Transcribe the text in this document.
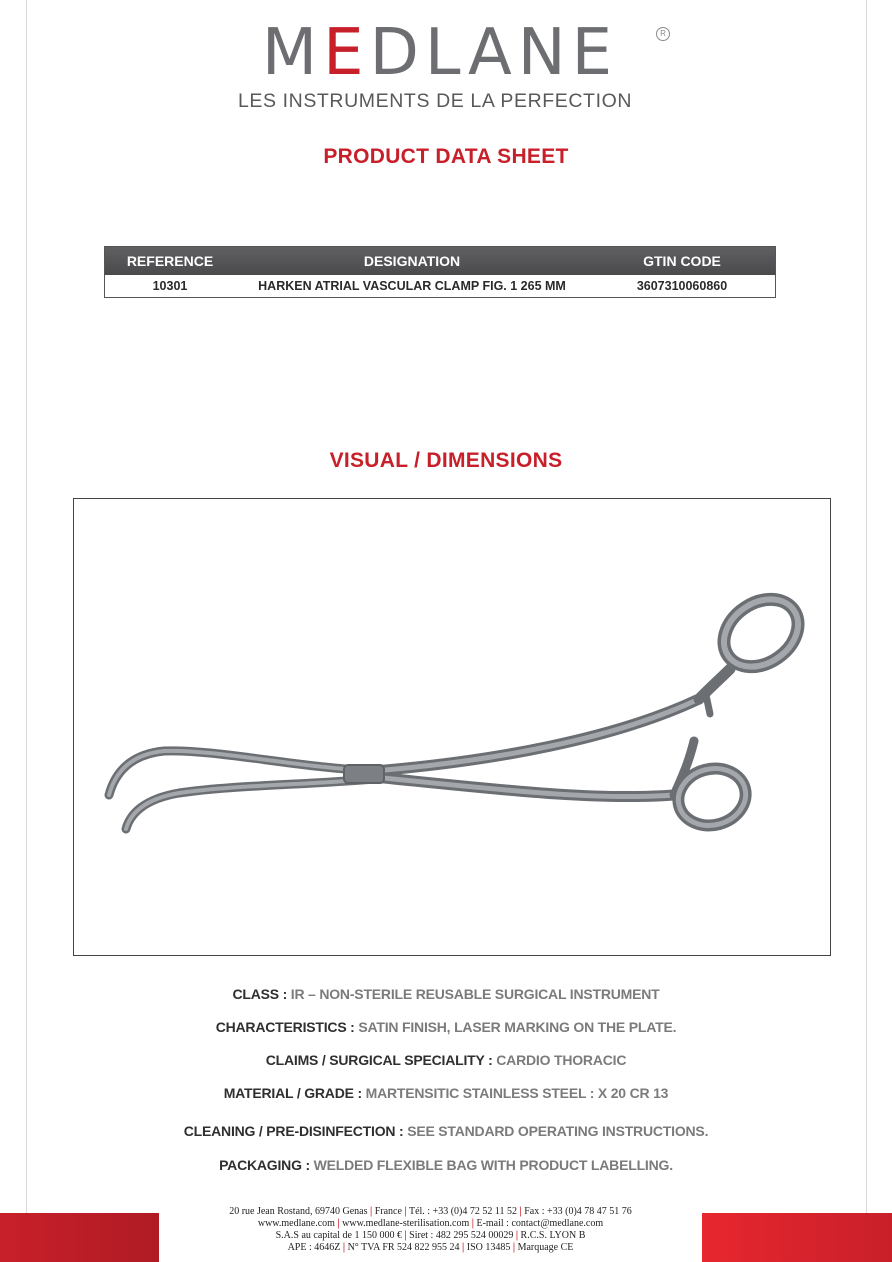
MEDLANE	R
LES INSTRUMENTS DE LA PERFECTION
PRODUCT DATA SHEET
REFERENCE	DESIGNATION	GTIN CODE
10301	HARKEN ATRIAL VASCULAR CLAMP FIG. 1 265 MM	3607310060860
VISUAL / DIMENSIONS
CLASS : IR – NON-STERILE REUSABLE SURGICAL INSTRUMENT
CHARACTERISTICS : SATIN FINISH, LASER MARKING ON THE PLATE.
CLAIMS / SURGICAL SPECIALITY : CARDIO THORACIC
MATERIAL / GRADE : MARTENSITIC STAINLESS STEEL : X 20 CR 13
CLEANING / PRE-DISINFECTION : SEE STANDARD OPERATING INSTRUCTIONS.
PACKAGING : WELDED FLEXIBLE BAG WITH PRODUCT LABELLING.
20 rue Jean Rostand, 69740 Genas | France | Tél. : +33 (0)4 72 52 11 52 | Fax : +33 (0)4 78 47 51 76
www.medlane.com | www.medlane-sterilisation.com | E-mail : contact@medlane.com
S.A.S au capital de 1 150 000 € | Siret : 482 295 524 00029 | R.C.S. LYON B
APE : 4646Z | N° TVA FR 524 822 955 24 | ISO 13485 | Marquage CE
